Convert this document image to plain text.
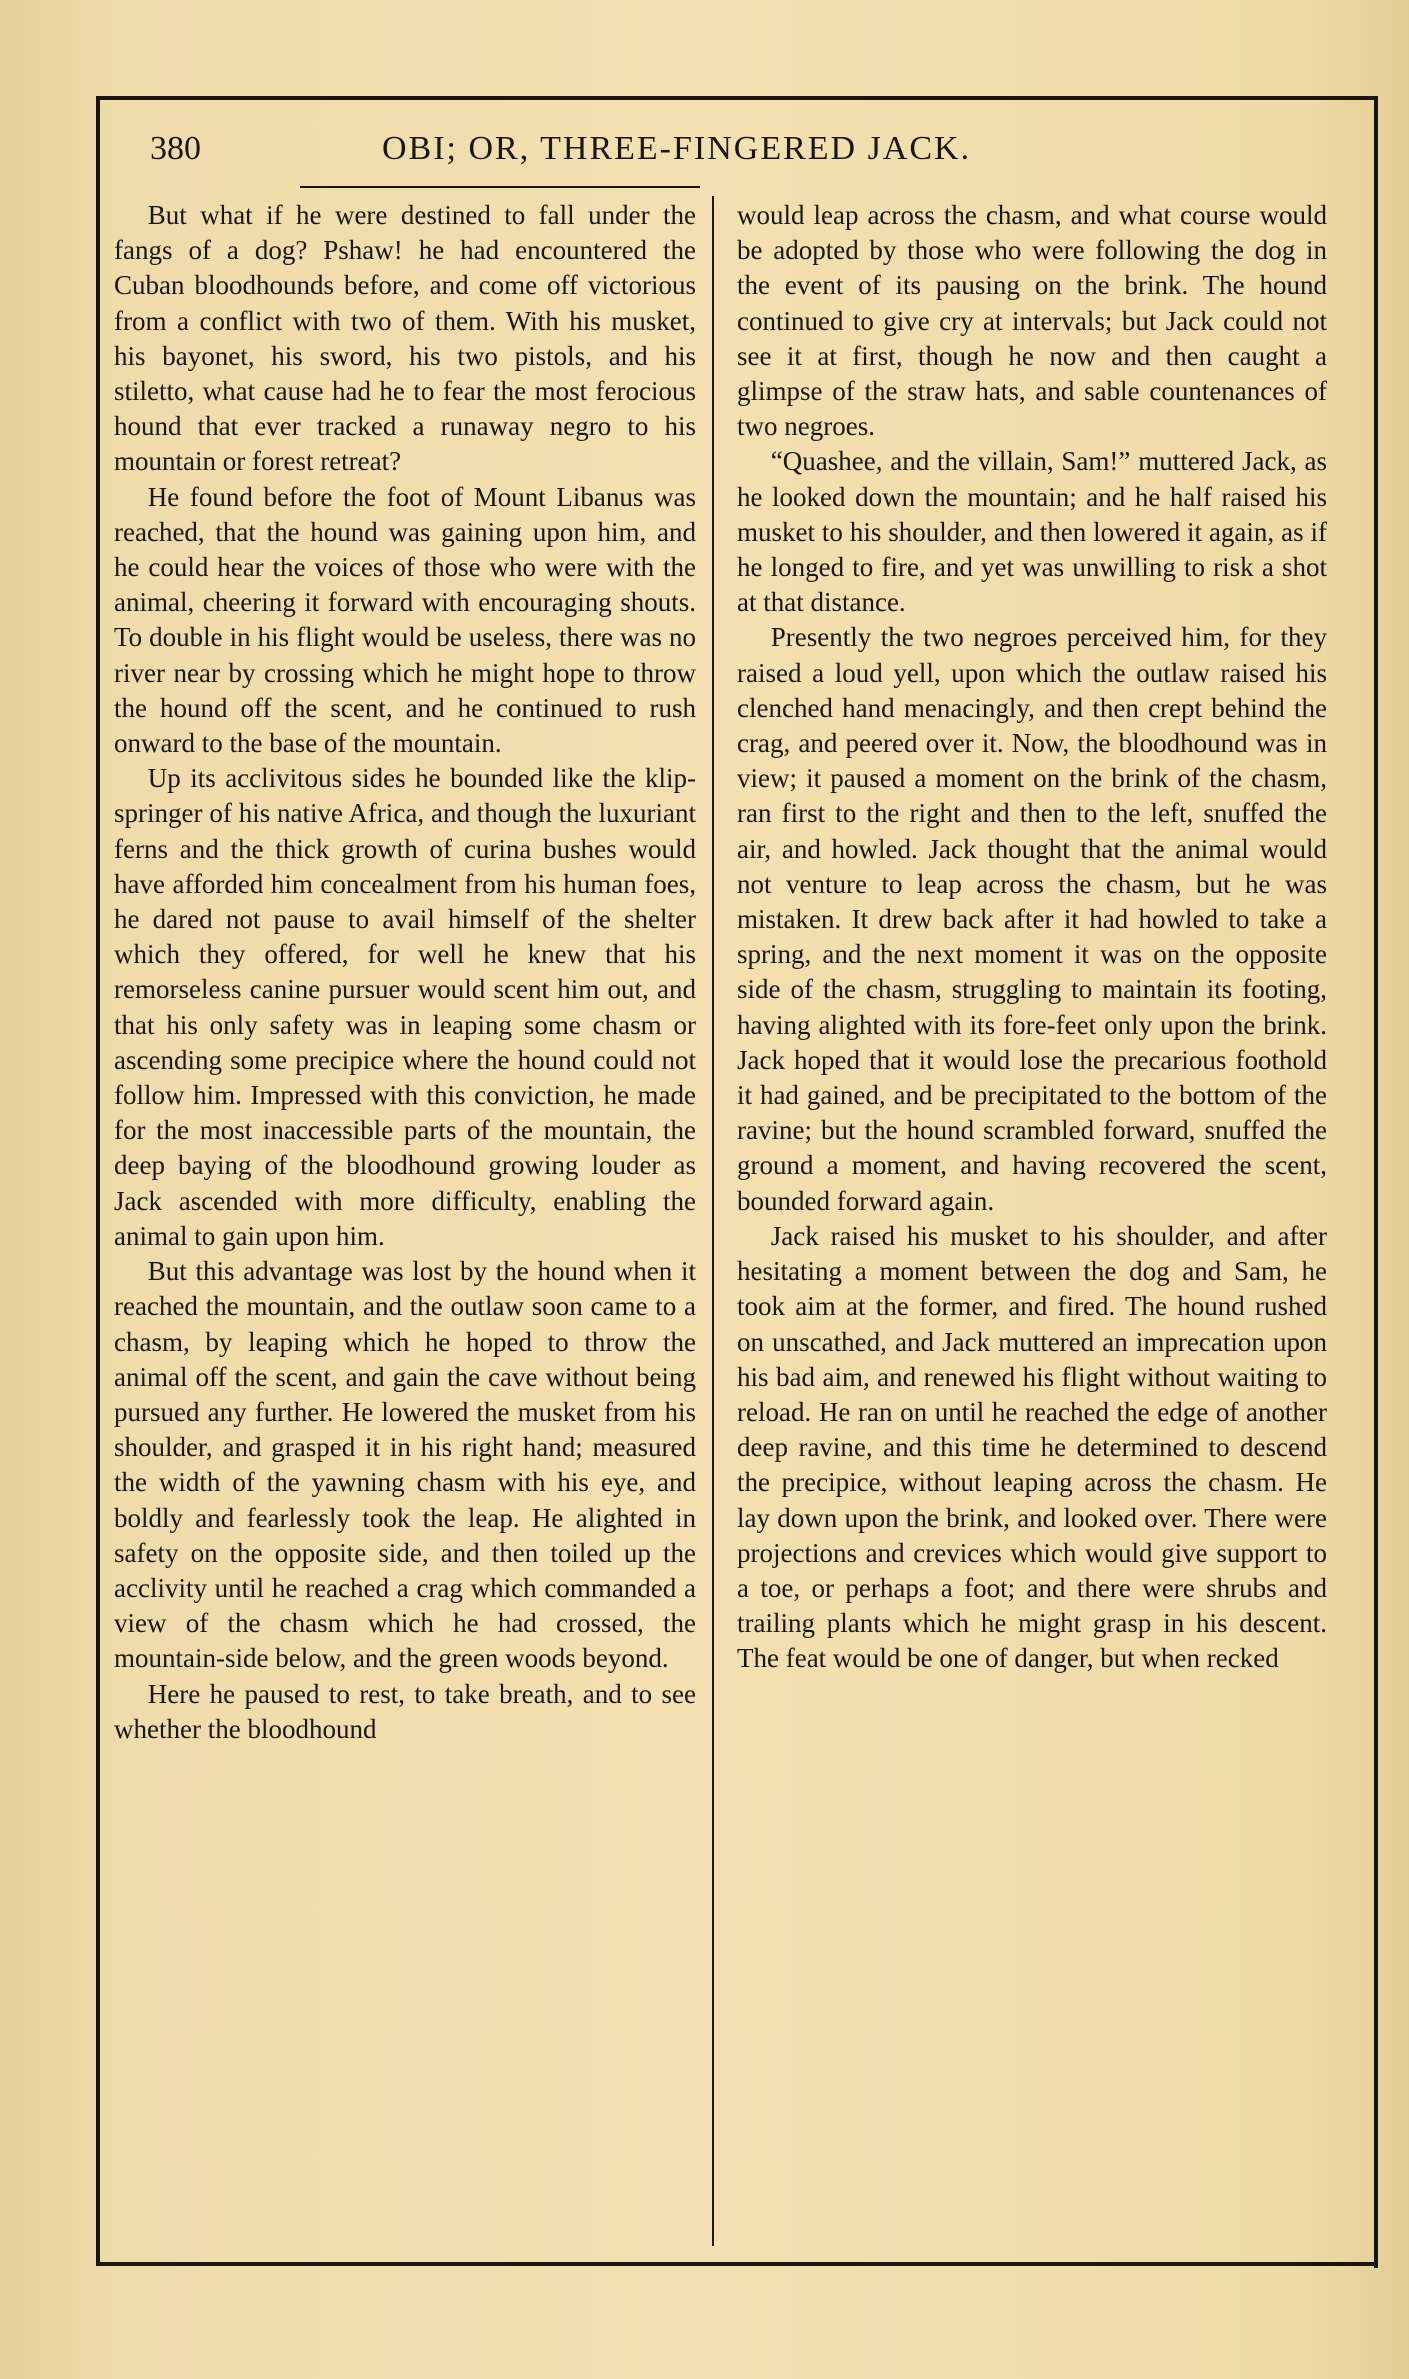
380	OBI; OR, THREE-FINGERED JACK.

But what if he were destined to fall under the fangs of a dog? Pshaw! he had encountered the Cuban bloodhounds before, and come off victorious from a conflict with two of them. With his musket, his bayonet, his sword, his two pistols, and his stiletto, what cause had he to fear the most ferocious hound that ever tracked a runaway negro to his mountain or forest retreat?

He found before the foot of Mount Libanus was reached, that the hound was gaining upon him, and he could hear the voices of those who were with the animal, cheering it forward with encouraging shouts. To double in his flight would be useless, there was no river near by crossing which he might hope to throw the hound off the scent, and he continued to rush onward to the base of the mountain.

Up its acclivitous sides he bounded like the klip-springer of his native Africa, and though the luxuriant ferns and the thick growth of curina bushes would have afforded him concealment from his human foes, he dared not pause to avail himself of the shelter which they offered, for well he knew that his remorseless canine pursuer would scent him out, and that his only safety was in leaping some chasm or ascending some precipice where the hound could not follow him. Impressed with this conviction, he made for the most inaccessible parts of the mountain, the deep baying of the bloodhound growing louder as Jack ascended with more difficulty, enabling the animal to gain upon him.

But this advantage was lost by the hound when it reached the mountain, and the outlaw soon came to a chasm, by leaping which he hoped to throw the animal off the scent, and gain the cave without being pursued any further. He lowered the musket from his shoulder, and grasped it in his right hand; measured the width of the yawning chasm with his eye, and boldly and fearlessly took the leap. He alighted in safety on the opposite side, and then toiled up the acclivity until he reached a crag which commanded a view of the chasm which he had crossed, the mountain-side below, and the green woods beyond.

Here he paused to rest, to take breath, and to see whether the bloodhound

would leap across the chasm, and what course would be adopted by those who were following the dog in the event of its pausing on the brink. The hound continued to give cry at intervals; but Jack could not see it at first, though he now and then caught a glimpse of the straw hats, and sable countenances of two negroes.

“Quashee, and the villain, Sam!” muttered Jack, as he looked down the mountain; and he half raised his musket to his shoulder, and then lowered it again, as if he longed to fire, and yet was unwilling to risk a shot at that distance.

Presently the two negroes perceived him, for they raised a loud yell, upon which the outlaw raised his clenched hand menacingly, and then crept behind the crag, and peered over it. Now, the bloodhound was in view; it paused a moment on the brink of the chasm, ran first to the right and then to the left, snuffed the air, and howled. Jack thought that the animal would not venture to leap across the chasm, but he was mistaken. It drew back after it had howled to take a spring, and the next moment it was on the opposite side of the chasm, struggling to maintain its footing, having alighted with its fore-feet only upon the brink. Jack hoped that it would lose the precarious foothold it had gained, and be precipitated to the bottom of the ravine; but the hound scrambled forward, snuffed the ground a moment, and having recovered the scent, bounded forward again.

Jack raised his musket to his shoulder, and after hesitating a moment between the dog and Sam, he took aim at the former, and fired. The hound rushed on unscathed, and Jack muttered an imprecation upon his bad aim, and renewed his flight without waiting to reload. He ran on until he reached the edge of another deep ravine, and this time he determined to descend the precipice, without leaping across the chasm. He lay down upon the brink, and looked over. There were projections and crevices which would give support to a toe, or perhaps a foot; and there were shrubs and trailing plants which he might grasp in his descent. The feat would be one of danger, but when recked
